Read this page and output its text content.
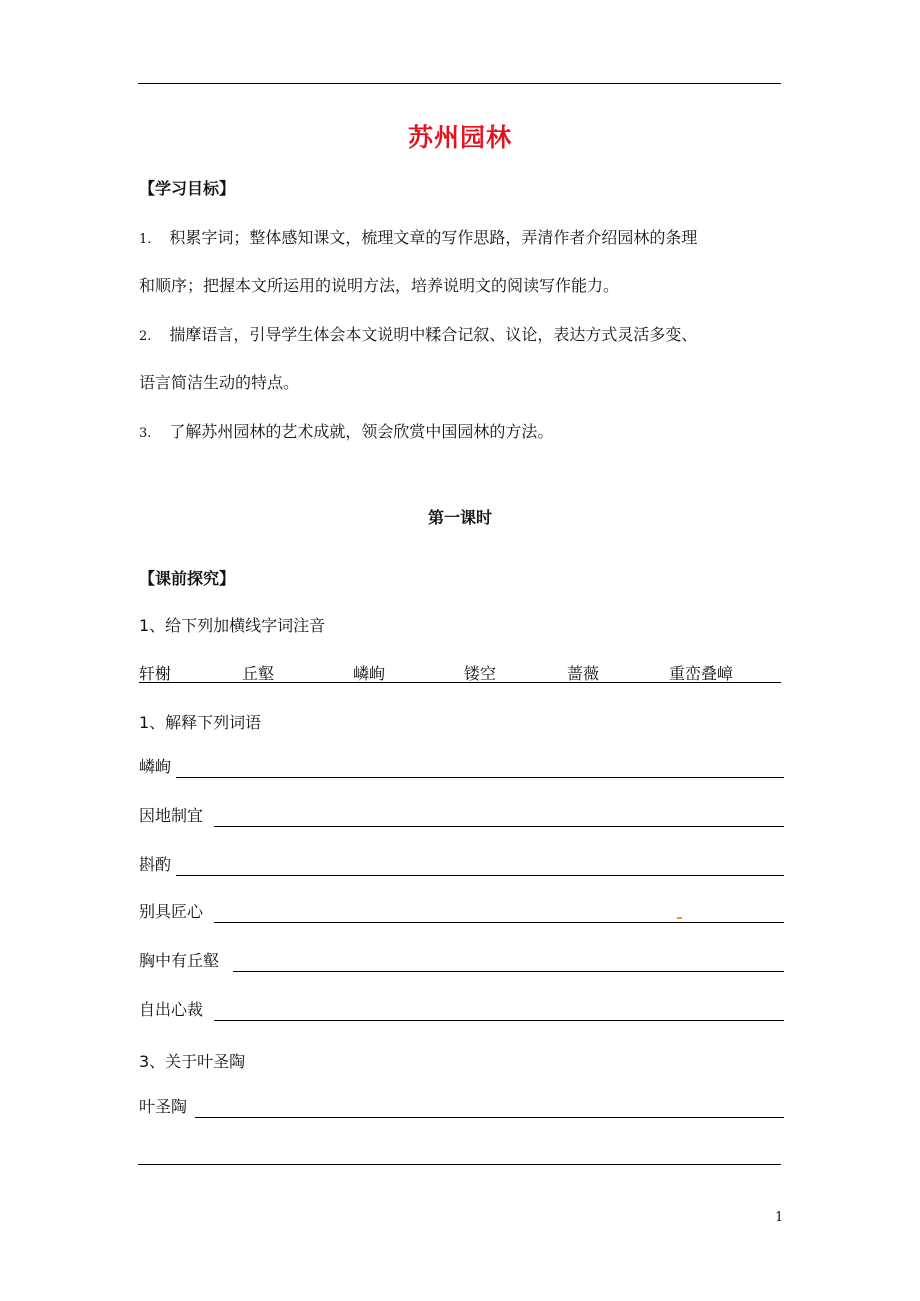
苏州园林
【学习目标】
1. 积累字词；整体感知课文，梳理文章的写作思路，弄清作者介绍园林的条理
和顺序；把握本文所运用的说明方法，培养说明文的阅读写作能力。
2. 揣摩语言，引导学生体会本文说明中糅合记叙、议论，表达方式灵活多变、
语言简洁生动的特点。
3. 了解苏州园林的艺术成就，领会欣赏中国园林的方法。
第一课时
【课前探究】
1、给下列加横线字词注音
轩榭	丘壑	嶙峋	镂空	蔷薇	重峦叠嶂
1、解释下列词语
嶙峋
因地制宜
斟酌
别具匠心
胸中有丘壑
自出心裁
3、关于叶圣陶
叶圣陶
1
